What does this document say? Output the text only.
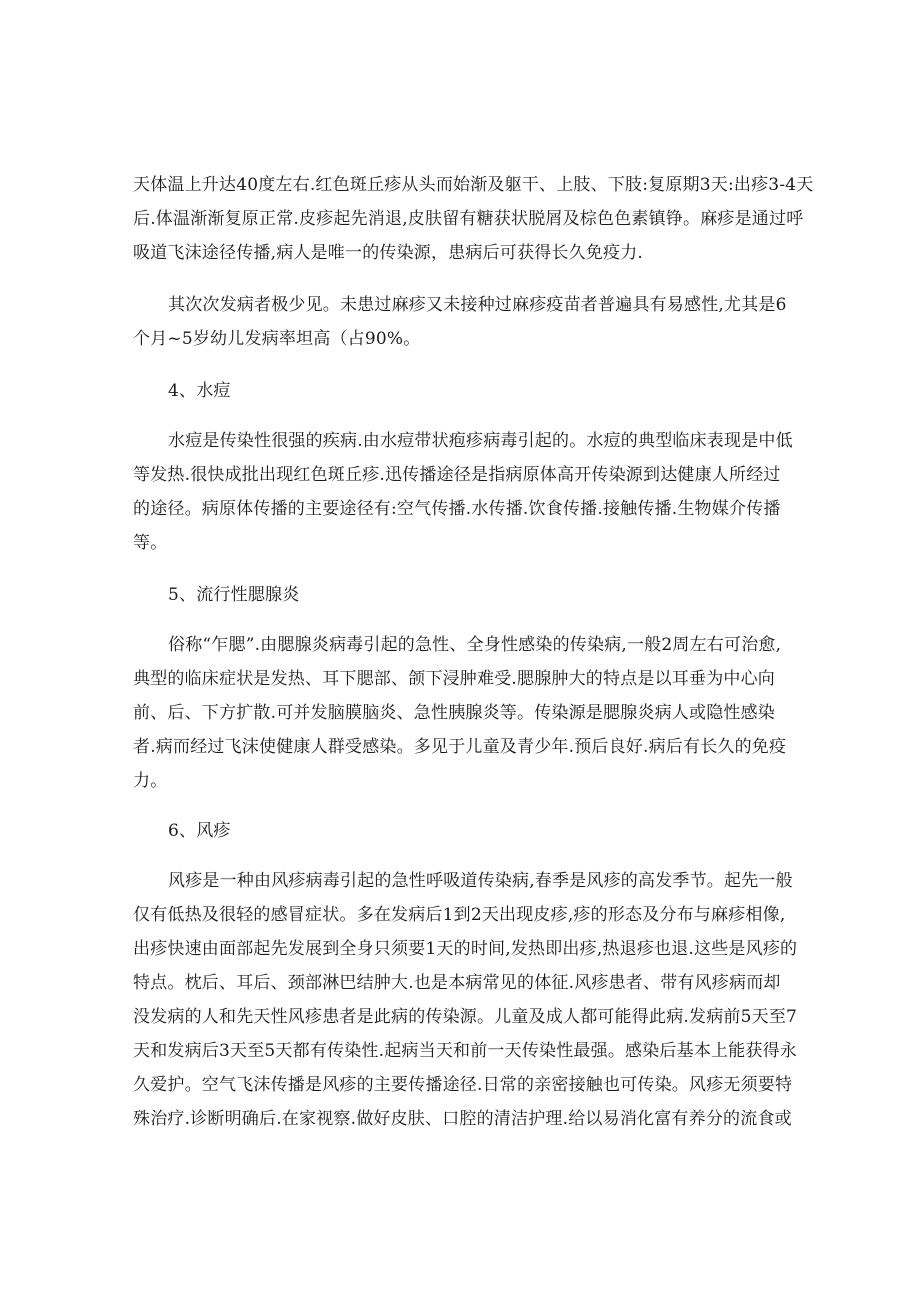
天体温上升达40度左右.红色斑丘疹从头而始渐及躯干、上肢、下肢:复原期3天:出疹3-4天
后.体温渐渐复原正常.皮疹起先消退,皮肤留有糖获状脱屑及棕色色素镇铮。麻疹是通过呼
吸道飞沫途径传播,病人是唯一的传染源，患病后可获得长久免疫力.
其次次发病者极少见。未患过麻疹又未接种过麻疹疫苗者普遍具有易感性,尤其是6
个月~5岁幼儿发病率坦高（占90%。
4、水痘
水痘是传染性很强的疾病.由水痘带状疱疹病毒引起的。水痘的典型临床表现是中低
等发热.很快成批出现红色斑丘疹.迅传播途径是指病原体高开传染源到达健康人所经过
的途径。病原体传播的主要途径有:空气传播.水传播.饮食传播.接触传播.生物媒介传播
等。
5、流行性腮腺炎
俗称“乍腮”.由腮腺炎病毒引起的急性、全身性感染的传染病,一般2周左右可治愈,
典型的临床症状是发热、耳下腮部、颌下浸肿难受.腮腺肿大的特点是以耳垂为中心向
前、后、下方扩散.可并发脑膜脑炎、急性胰腺炎等。传染源是腮腺炎病人或隐性感染
者.病而经过飞沫使健康人群受感染。多见于儿童及青少年.预后良好.病后有长久的免疫
力。
6、风疹
风疹是一种由风疹病毒引起的急性呼吸道传染病,春季是风疹的高发季节。起先一般
仅有低热及很轻的感冒症状。多在发病后1到2天出现皮疹,疹的形态及分布与麻疹相像,
出疹快速由面部起先发展到全身只须要1天的时间,发热即出疹,热退疹也退.这些是风疹的
特点。枕后、耳后、颈部淋巴结肿大.也是本病常见的体征.风疹患者、带有风疹病而却
没发病的人和先天性风疹患者是此病的传染源。儿童及成人都可能得此病.发病前5天至7
天和发病后3天至5天都有传染性.起病当天和前一天传染性最强。感染后基本上能获得永
久爱护。空气飞沫传播是风疹的主要传播途径.日常的亲密接触也可传染。风疹无须要特
殊治疗.诊断明确后.在家视察.做好皮肤、口腔的清洁护理.给以易消化富有养分的流食或
